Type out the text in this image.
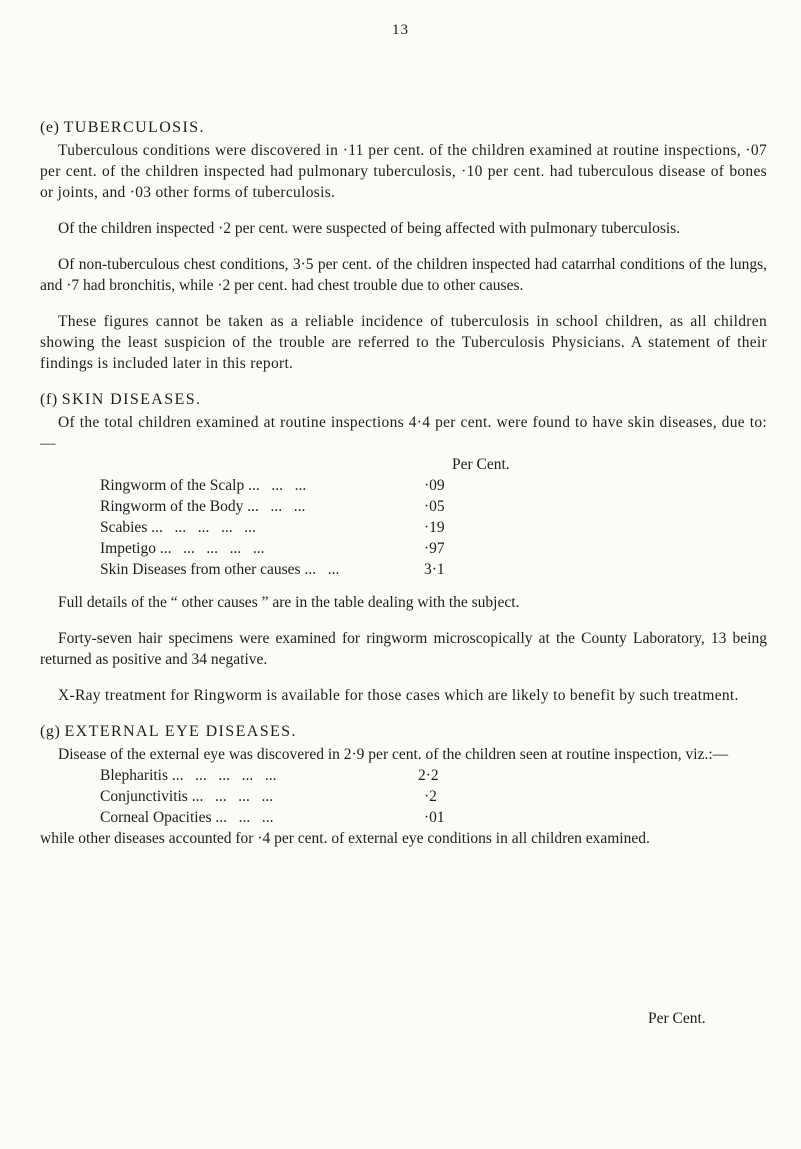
13
(e) TUBERCULOSIS.

Tuberculous conditions were discovered in ·11 per cent. of the children examined at routine inspections, ·07 per cent. of the children inspected had pulmonary tuberculosis, ·10 per cent. had tuberculous disease of bones or joints, and ·03 other forms of tuberculosis.

Of the children inspected ·2 per cent. were suspected of being affected with pulmonary tuberculosis.

Of non-tuberculous chest conditions, 3·5 per cent. of the children inspected had catarrhal conditions of the lungs, and ·7 had bronchitis, while ·2 per cent. had chest trouble due to other causes.

These figures cannot be taken as a reliable incidence of tuberculosis in school children, as all children showing the least suspicion of the trouble are referred to the Tuberculosis Physicians. A statement of their findings is included later in this report.

(f) SKIN DISEASES.

Of the total children examined at routine inspections 4·4 per cent. were found to have skin diseases, due to:—

Per Cent.
Ringworm of the Scalp ...   ...   ...	·09
Ringworm of the Body ...   ...   ...	·05
Scabies ...   ...   ...   ...   ...	·19
Impetigo ...   ...   ...   ...   ...	·97
Skin Diseases from other causes ...   ...	3·1

Full details of the “ other causes ” are in the table dealing with the subject.

Forty-seven hair specimens were examined for ringworm microscopically at the County Laboratory, 13 being returned as positive and 34 negative.

X-Ray treatment for Ringworm is available for those cases which are likely to benefit by such treatment.

(g) EXTERNAL EYE DISEASES.

Disease of the external eye was discovered in 2·9 per cent. of the children seen at routine inspection, viz.:—

Blepharitis ...   ...   ...   ...   ...	2·2
Conjunctivitis ...   ...   ...   ...	·2
Corneal Opacities ...   ...   ...	·01

while other diseases accounted for ·4 per cent. of external eye conditions in all children examined.

Per Cent.
